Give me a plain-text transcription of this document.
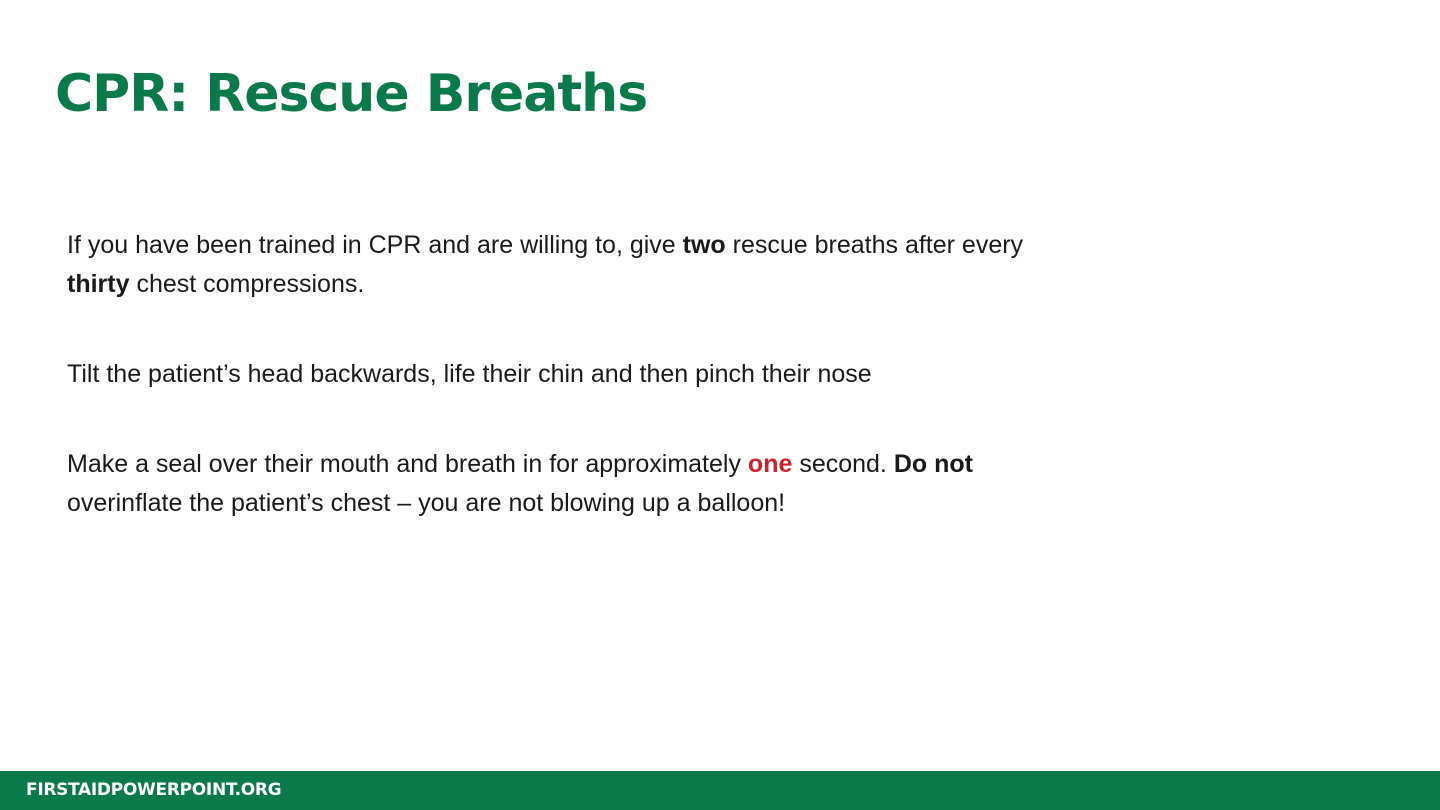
CPR: Rescue Breaths

If you have been trained in CPR and are willing to, give two rescue breaths after every
thirty chest compressions.

Tilt the patient’s head backwards, life their chin and then pinch their nose

Make a seal over their mouth and breath in for approximately one second. Do not
overinflate the patient’s chest – you are not blowing up a balloon!

FIRSTAIDPOWERPOINT.ORG
